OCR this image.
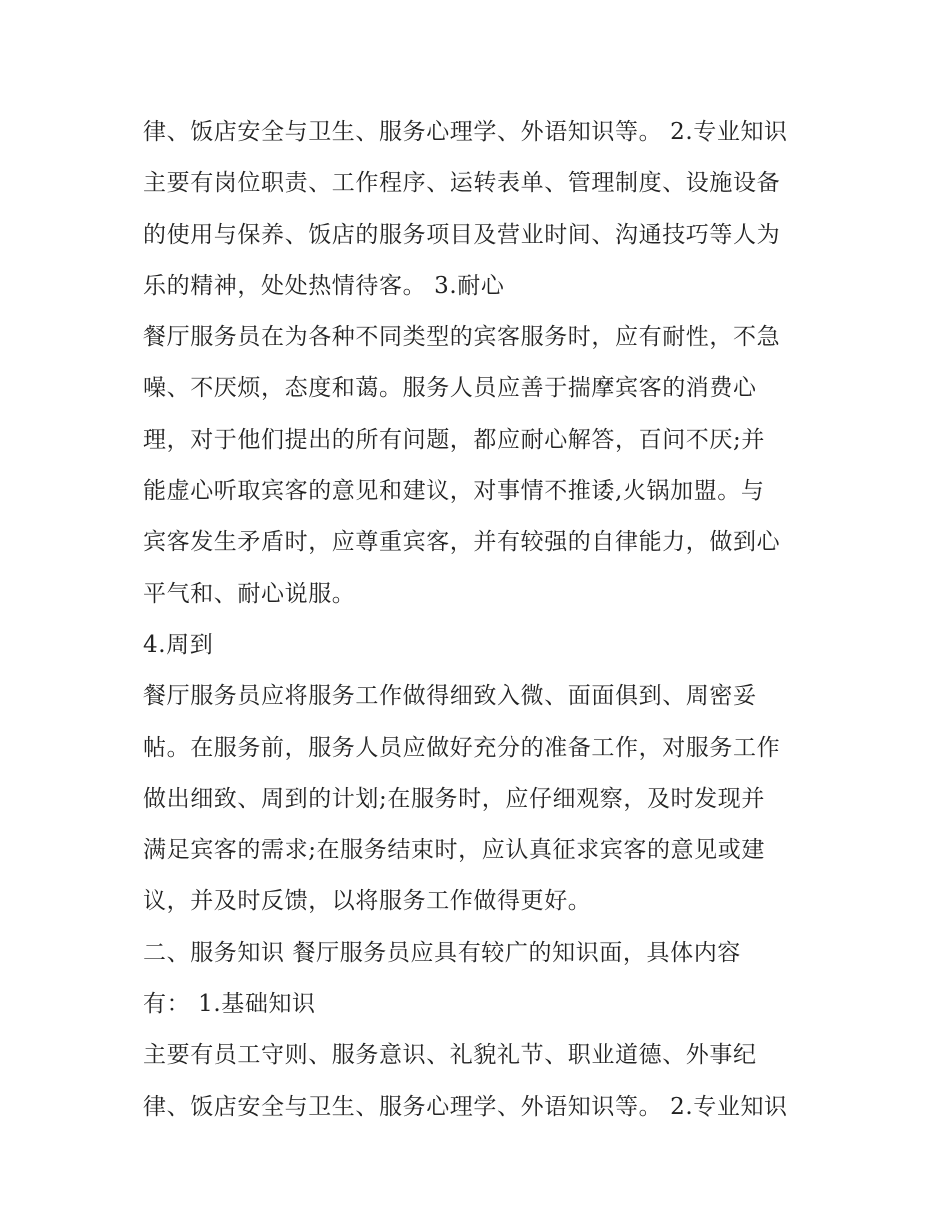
律、饭店安全与卫生、服务心理学、外语知识等。 2.专业知识
主要有岗位职责、工作程序、运转表单、管理制度、设施设备
的使用与保养、饭店的服务项目及营业时间、沟通技巧等人为
乐的精神，处处热情待客。 3.耐心
餐厅服务员在为各种不同类型的宾客服务时，应有耐性，不急
噪、不厌烦，态度和蔼。服务人员应善于揣摩宾客的消费心
理，对于他们提出的所有问题，都应耐心解答，百问不厌;并
能虚心听取宾客的意见和建议，对事情不推诿,火锅加盟。与
宾客发生矛盾时，应尊重宾客，并有较强的自律能力，做到心
平气和、耐心说服。
4.周到
餐厅服务员应将服务工作做得细致入微、面面俱到、周密妥
帖。在服务前，服务人员应做好充分的准备工作，对服务工作
做出细致、周到的计划;在服务时，应仔细观察，及时发现并
满足宾客的需求;在服务结束时，应认真征求宾客的意见或建
议，并及时反馈，以将服务工作做得更好。
二、服务知识 餐厅服务员应具有较广的知识面，具体内容
有： 1.基础知识
主要有员工守则、服务意识、礼貌礼节、职业道德、外事纪
律、饭店安全与卫生、服务心理学、外语知识等。 2.专业知识
